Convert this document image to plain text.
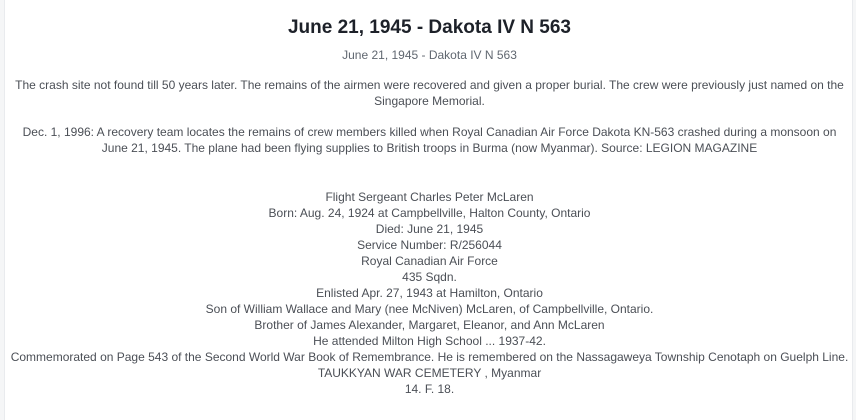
June 21, 1945 - Dakota IV N 563

June 21, 1945 - Dakota IV N 563

The crash site not found till 50 years later. The remains of the airmen were recovered and given a proper burial. The crew were previously just named on the Singapore Memorial.

Dec. 1, 1996: A recovery team locates the remains of crew members killed when Royal Canadian Air Force Dakota KN-563 crashed during a monsoon on June 21, 1945. The plane had been flying supplies to British troops in Burma (now Myanmar). Source: LEGION MAGAZINE

Flight Sergeant Charles Peter McLaren
Born: Aug. 24, 1924 at Campbellville, Halton County, Ontario
Died: June 21, 1945
Service Number: R/256044
Royal Canadian Air Force
435 Sqdn.
Enlisted Apr. 27, 1943 at Hamilton, Ontario
Son of William Wallace and Mary (nee McNiven) McLaren, of Campbellville, Ontario.
Brother of James Alexander, Margaret, Eleanor, and Ann McLaren
He attended Milton High School ... 1937-42.
Commemorated on Page 543 of the Second World War Book of Remembrance. He is remembered on the Nassagaweya Township Cenotaph on Guelph Line.
TAUKKYAN WAR CEMETERY , Myanmar
14. F. 18.
